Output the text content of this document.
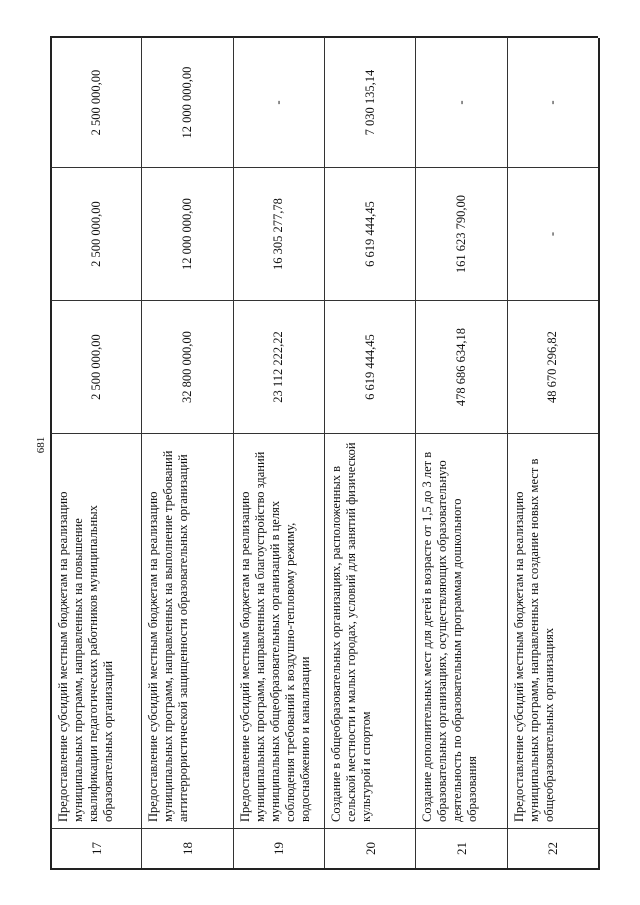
681
17
Предоставление субсидий местным бюджетам на реализацию муниципальных программ, направленных на повышение квалификации педагогических работников муниципальных образовательных организаций
2 500 000,00
2 500 000,00
2 500 000,00
18
Предоставление субсидий местным бюджетам на реализацию муниципальных программ, направленных на выполнение требований антитеррористической защищенности образовательных организаций
32 800 000,00
12 000 000,00
12 000 000,00
19
Предоставление субсидий местным бюджетам на реализацию муниципальных программ, направленных на благоустройство зданий муниципальных общеобразовательных организаций в целях соблюдения требований к воздушно-тепловому режиму, водоснабжению и канализации
23 112 222,22
16 305 277,78
-
20
Создание в общеобразовательных организациях, расположенных в сельской местности и малых городах, условий для занятий физической культурой и спортом
6 619 444,45
6 619 444,45
7 030 135,14
21
Создание дополнительных мест для детей в возрасте от 1,5 до 3 лет в образовательных организациях, осуществляющих образовательную деятельность по образовательным программам дошкольного образования
478 686 634,18
161 623 790,00
-
22
Предоставление субсидий местным бюджетам на реализацию муниципальных программ, направленных на создание новых мест в общеобразовательных организациях
48 670 296,82
-
-
